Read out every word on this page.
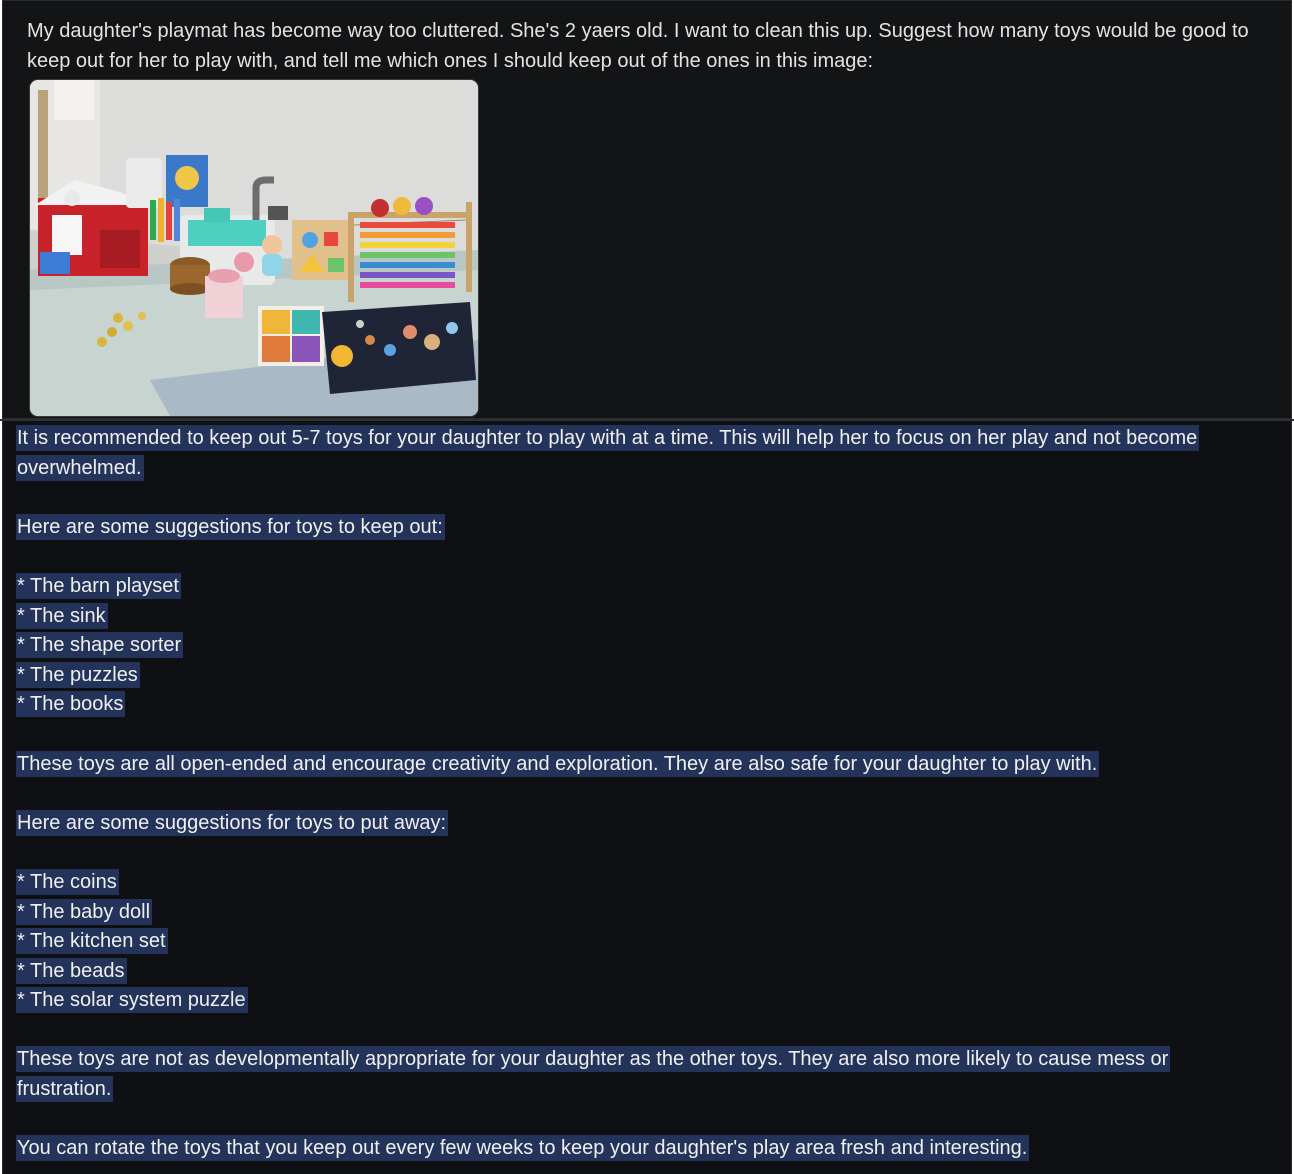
My daughter's playmat has become way too cluttered. She's 2 yaers old. I want to clean this up. Suggest how many toys would be good to keep out for her to play with, and tell me which ones I should keep out of the ones in this image:

It is recommended to keep out 5-7 toys for your daughter to play with at a time. This will help her to focus on her play and not become overwhelmed.

Here are some suggestions for toys to keep out:

* The barn playset

* The sink

* The shape sorter

* The puzzles

* The books

These toys are all open-ended and encourage creativity and exploration. They are also safe for your daughter to play with.

Here are some suggestions for toys to put away:

* The coins

* The baby doll

* The kitchen set

* The beads

* The solar system puzzle

These toys are not as developmentally appropriate for your daughter as the other toys. They are also more likely to cause mess or frustration.

You can rotate the toys that you keep out every few weeks to keep your daughter's play area fresh and interesting.
